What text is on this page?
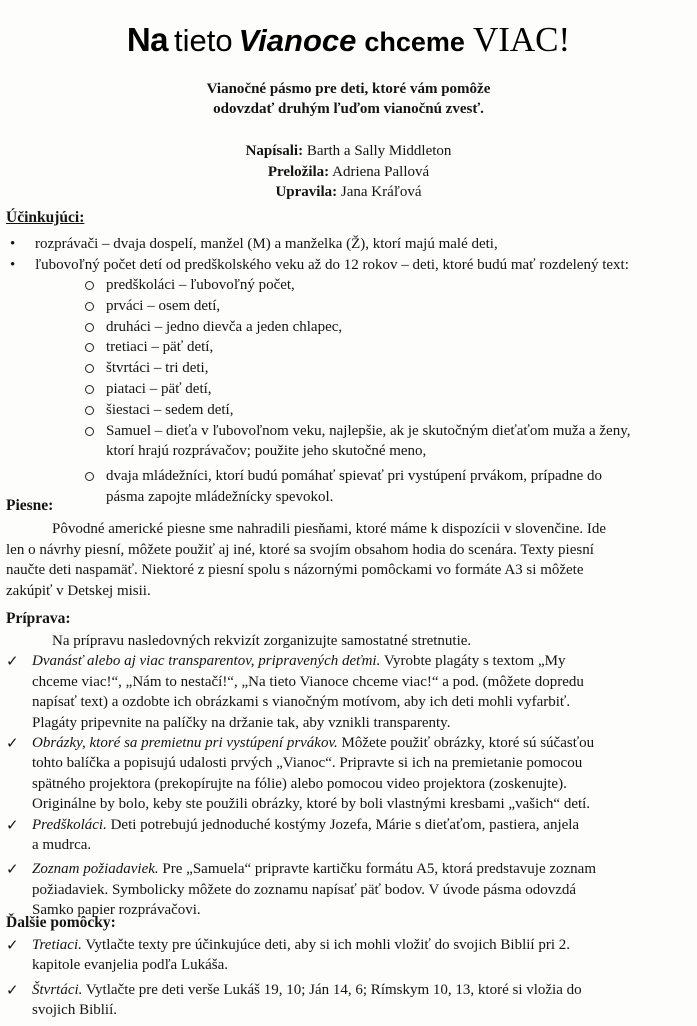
Na tieto Vianoce chceme VIAC!
Vianočné pásmo pre deti, ktoré vám pomôže
odovzdať druhým ľuďom vianočnú zvesť.
Napísali: Barth a Sally Middleton
Preložila: Adriena Pallová
Upravila: Jana Kráľová
Účinkujúci:
• rozprávači – dvaja dospelí, manžel (M) a manželka (Ž), ktorí majú malé deti,
• ľubovoľný počet detí od predškolského veku až do 12 rokov – deti, ktoré budú mať rozdelený text:
predškoláci – ľubovoľný počet,
prváci – osem detí,
druháci – jedno dievča a jeden chlapec,
tretiaci – päť detí,
štvrtáci – tri deti,
piataci – päť detí,
šiestaci – sedem detí,
Samuel – dieťa v ľubovoľnom veku, najlepšie, ak je skutočným dieťaťom muža a ženy,
ktorí hrajú rozprávačov; použite jeho skutočné meno,
dvaja mládežníci, ktorí budú pomáhať spievať pri vystúpení prvákom, prípadne do
pásma zapojte mládežnícky spevokol.
Piesne:
Pôvodné americké piesne sme nahradili piesňami, ktoré máme k dispozícii v slovenčine. Ide
len o návrhy piesní, môžete použiť aj iné, ktoré sa svojím obsahom hodia do scenára. Texty piesní
naučte deti naspamäť. Niektoré z piesní spolu s názornými pomôckami vo formáte A3 si môžete
zakúpiť v Detskej misii.
Príprava:
Na prípravu nasledovných rekvizít zorganizujte samostatné stretnutie.
✓ Dvanásť alebo aj viac transparentov, pripravených deťmi. Vyrobte plagáty s textom „My
chceme viac!“, „Nám to nestačí!“, „Na tieto Vianoce chceme viac!“ a pod. (môžete dopredu
napísať text) a ozdobte ich obrázkami s vianočným motívom, aby ich deti mohli vyfarbiť.
Plagáty pripevnite na palíčky na držanie tak, aby vznikli transparenty.
✓ Obrázky, ktoré sa premietnu pri vystúpení prvákov. Môžete použiť obrázky, ktoré sú súčasťou
tohto balíčka a popisujú udalosti prvých „Vianoc“. Pripravte si ich na premietanie pomocou
spätného projektora (prekopírujte na fólie) alebo pomocou video projektora (zoskenujte).
Originálne by bolo, keby ste použili obrázky, ktoré by boli vlastnými kresbami „vašich“ detí.
✓ Predškoláci. Deti potrebujú jednoduché kostýmy Jozefa, Márie s dieťaťom, pastiera, anjela
a mudrca.
✓ Zoznam požiadaviek. Pre „Samuela“ pripravte kartičku formátu A5, ktorá predstavuje zoznam
požiadaviek. Symbolicky môžete do zoznamu napísať päť bodov. V úvode pásma odovzdá
Samko papier rozprávačovi.
Ďalšie pomôcky:
✓ Tretiaci. Vytlačte texty pre účinkujúce deti, aby si ich mohli vložiť do svojich Biblií pri 2.
kapitole evanjelia podľa Lukáša.
✓ Štvrtáci. Vytlačte pre deti verše Lukáš 19, 10; Ján 14, 6; Rímskym 10, 13, ktoré si vložia do
svojich Biblií.
